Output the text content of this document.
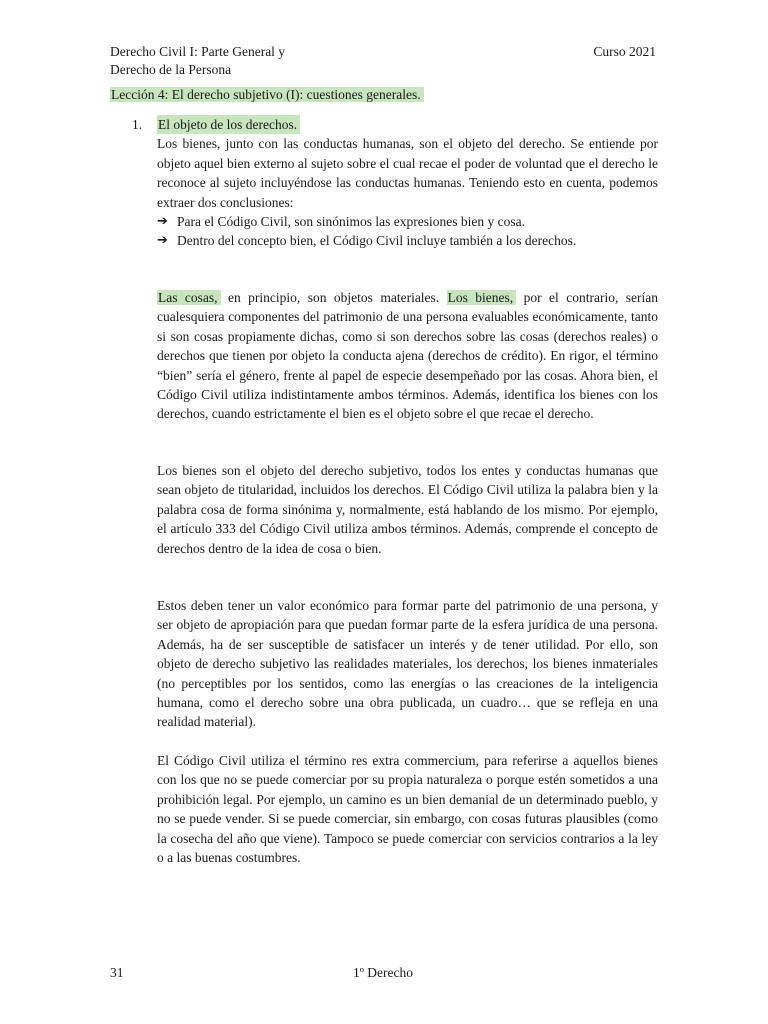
Derecho Civil I: Parte General y
Derecho de la Persona
Curso 2021
Lección 4: El derecho subjetivo (I): cuestiones generales.
1.	El objeto de los derechos.
Los bienes, junto con las conductas humanas, son el objeto del derecho. Se entiende por objeto aquel bien externo al sujeto sobre el cual recae el poder de voluntad que el derecho le reconoce al sujeto incluyéndose las conductas humanas. Teniendo esto en cuenta, podemos extraer dos conclusiones:
➔ Para el Código Civil, son sinónimos las expresiones bien y cosa.
➔ Dentro del concepto bien, el Código Civil incluye también a los derechos.
Las cosas, en principio, son objetos materiales. Los bienes, por el contrario, serían cualesquiera componentes del patrimonio de una persona evaluables económicamente, tanto si son cosas propiamente dichas, como si son derechos sobre las cosas (derechos reales) o derechos que tienen por objeto la conducta ajena (derechos de crédito). En rigor, el término “bien” sería el género, frente al papel de especie desempeñado por las cosas. Ahora bien, el Código Civil utiliza indistintamente ambos términos. Además, identifica los bienes con los derechos, cuando estrictamente el bien es el objeto sobre el que recae el derecho.
Los bienes son el objeto del derecho subjetivo, todos los entes y conductas humanas que sean objeto de titularidad, incluidos los derechos. El Código Civil utiliza la palabra bien y la palabra cosa de forma sinónima y, normalmente, está hablando de los mismo. Por ejemplo, el artículo 333 del Código Civil utiliza ambos términos. Además, comprende el concepto de derechos dentro de la idea de cosa o bien.
Estos deben tener un valor económico para formar parte del patrimonio de una persona, y ser objeto de apropiación para que puedan formar parte de la esfera jurídica de una persona. Además, ha de ser susceptible de satisfacer un interés y de tener utilidad. Por ello, son objeto de derecho subjetivo las realidades materiales, los derechos, los bienes inmateriales (no perceptibles por los sentidos, como las energías o las creaciones de la inteligencia humana, como el derecho sobre una obra publicada, un cuadro… que se refleja en una realidad material).
El Código Civil utiliza el término res extra commercium, para referirse a aquellos bienes con los que no se puede comerciar por su propia naturaleza o porque estén sometidos a una prohibición legal. Por ejemplo, un camino es un bien demanial de un determinado pueblo, y no se puede vender. Si se puede comerciar, sin embargo, con cosas futuras plausibles (como la cosecha del año que viene). Tampoco se puede comerciar con servicios contrarios a la ley o a las buenas costumbres.
31	1º Derecho
